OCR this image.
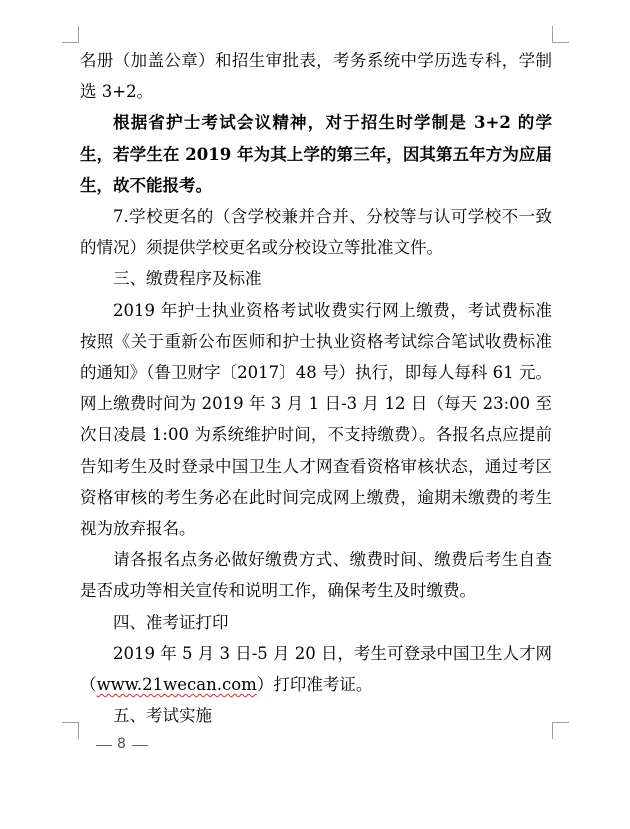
名册（加盖公章）和招生审批表，考务系统中学历选专科，学制选 3+2。

根据省护士考试会议精神，对于招生时学制是 3+2 的学生，若学生在 2019 年为其上学的第三年，因其第五年方为应届生，故不能报考。

7.学校更名的（含学校兼并合并、分校等与认可学校不一致的情况）须提供学校更名或分校设立等批准文件。

三、缴费程序及标准

2019 年护士执业资格考试收费实行网上缴费，考试费标准按照《关于重新公布医师和护士执业资格考试综合笔试收费标准的通知》（鲁卫财字〔2017〕48 号）执行，即每人每科 61 元。网上缴费时间为 2019 年 3 月 1 日-3 月 12 日（每天 23:00 至次日凌晨 1:00 为系统维护时间，不支持缴费）。各报名点应提前告知考生及时登录中国卫生人才网查看资格审核状态，通过考区资格审核的考生务必在此时间完成网上缴费，逾期未缴费的考生视为放弃报名。

请各报名点务必做好缴费方式、缴费时间、缴费后考生自查是否成功等相关宣传和说明工作，确保考生及时缴费。

四、准考证打印

2019 年 5 月 3 日-5 月 20 日，考生可登录中国卫生人才网（www.21wecan.com）打印准考证。

五、考试实施

8
